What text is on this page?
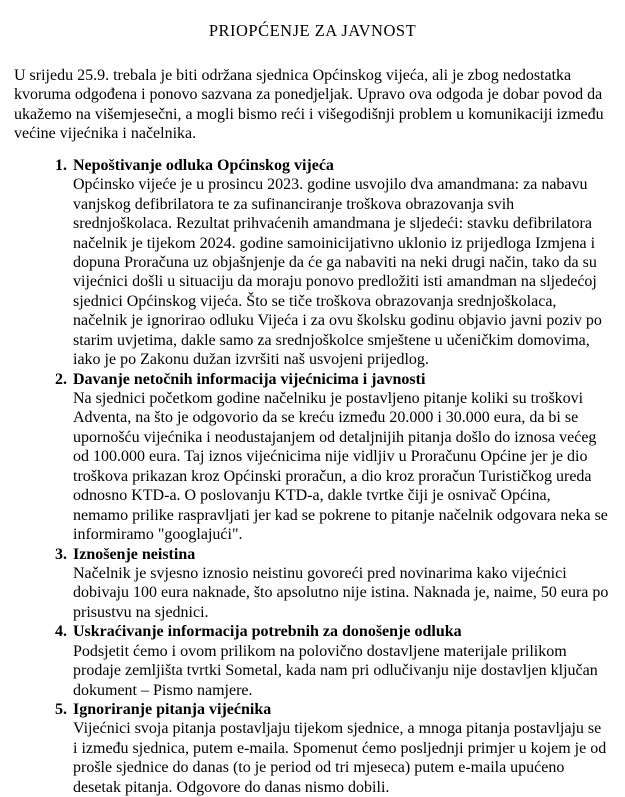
PRIOPĆENJE ZA JAVNOST

U srijedu 25.9. trebala je biti održana sjednica Općinskog vijeća, ali je zbog nedostatka kvoruma odgođena i ponovo sazvana za ponedjeljak. Upravo ova odgoda je dobar povod da ukažemo na višemjesečni, a mogli bismo reći i višegodišnji problem u komunikaciji između većine vijećnika i načelnika.

1. Nepoštivanje odluka Općinskog vijeća
Općinsko vijeće je u prosincu 2023. godine usvojilo dva amandmana: za nabavu vanjskog defibrilatora te za sufinanciranje troškova obrazovanja svih srednjoškolaca. Rezultat prihvaćenih amandmana je sljedeći: stavku defibrilatora načelnik je tijekom 2024. godine samoinicijativno uklonio iz prijedloga Izmjena i dopuna Proračuna uz objašnjenje da će ga nabaviti na neki drugi način, tako da su vijećnici došli u situaciju da moraju ponovo predložiti isti amandman na sljedećoj sjednici Općinskog vijeća. Što se tiče troškova obrazovanja srednjoškolaca, načelnik je ignorirao odluku Vijeća i za ovu školsku godinu objavio javni poziv po starim uvjetima, dakle samo za srednjoškolce smještene u učeničkim domovima, iako je po Zakonu dužan izvršiti naš usvojeni prijedlog.
2. Davanje netočnih informacija vijećnicima i javnosti
Na sjednici početkom godine načelniku je postavljeno pitanje koliki su troškovi Adventa, na što je odgovorio da se kreću između 20.000 i 30.000 eura, da bi se upornošću vijećnika i neodustajanjem od detaljnijih pitanja došlo do iznosa većeg od 100.000 eura. Taj iznos vijećnicima nije vidljiv u Proračunu Općine jer je dio troškova prikazan kroz Općinski proračun, a dio kroz proračun Turističkog ureda odnosno KTD-a. O poslovanju KTD-a, dakle tvrtke čiji je osnivač Općina, nemamo prilike raspravljati jer kad se pokrene to pitanje načelnik odgovara neka se informiramo "googlajući".
3. Iznošenje neistina
Načelnik je svjesno iznosio neistinu govoreći pred novinarima kako vijećnici dobivaju 100 eura naknade, što apsolutno nije istina. Naknada je, naime, 50 eura po prisustvu na sjednici.
4. Uskraćivanje informacija potrebnih za donošenje odluka
Podsjetit ćemo i ovom prilikom na polovično dostavljene materijale prilikom prodaje zemljišta tvrtki Sometal, kada nam pri odlučivanju nije dostavljen ključan dokument – Pismo namjere.
5. Ignoriranje pitanja vijećnika
Vijećnici svoja pitanja postavljaju tijekom sjednice, a mnoga pitanja postavljaju se i između sjednica, putem e-maila. Spomenut ćemo posljednji primjer u kojem je od prošle sjednice do danas (to je period od tri mjeseca) putem e-maila upućeno desetak pitanja. Odgovore do danas nismo dobili.
